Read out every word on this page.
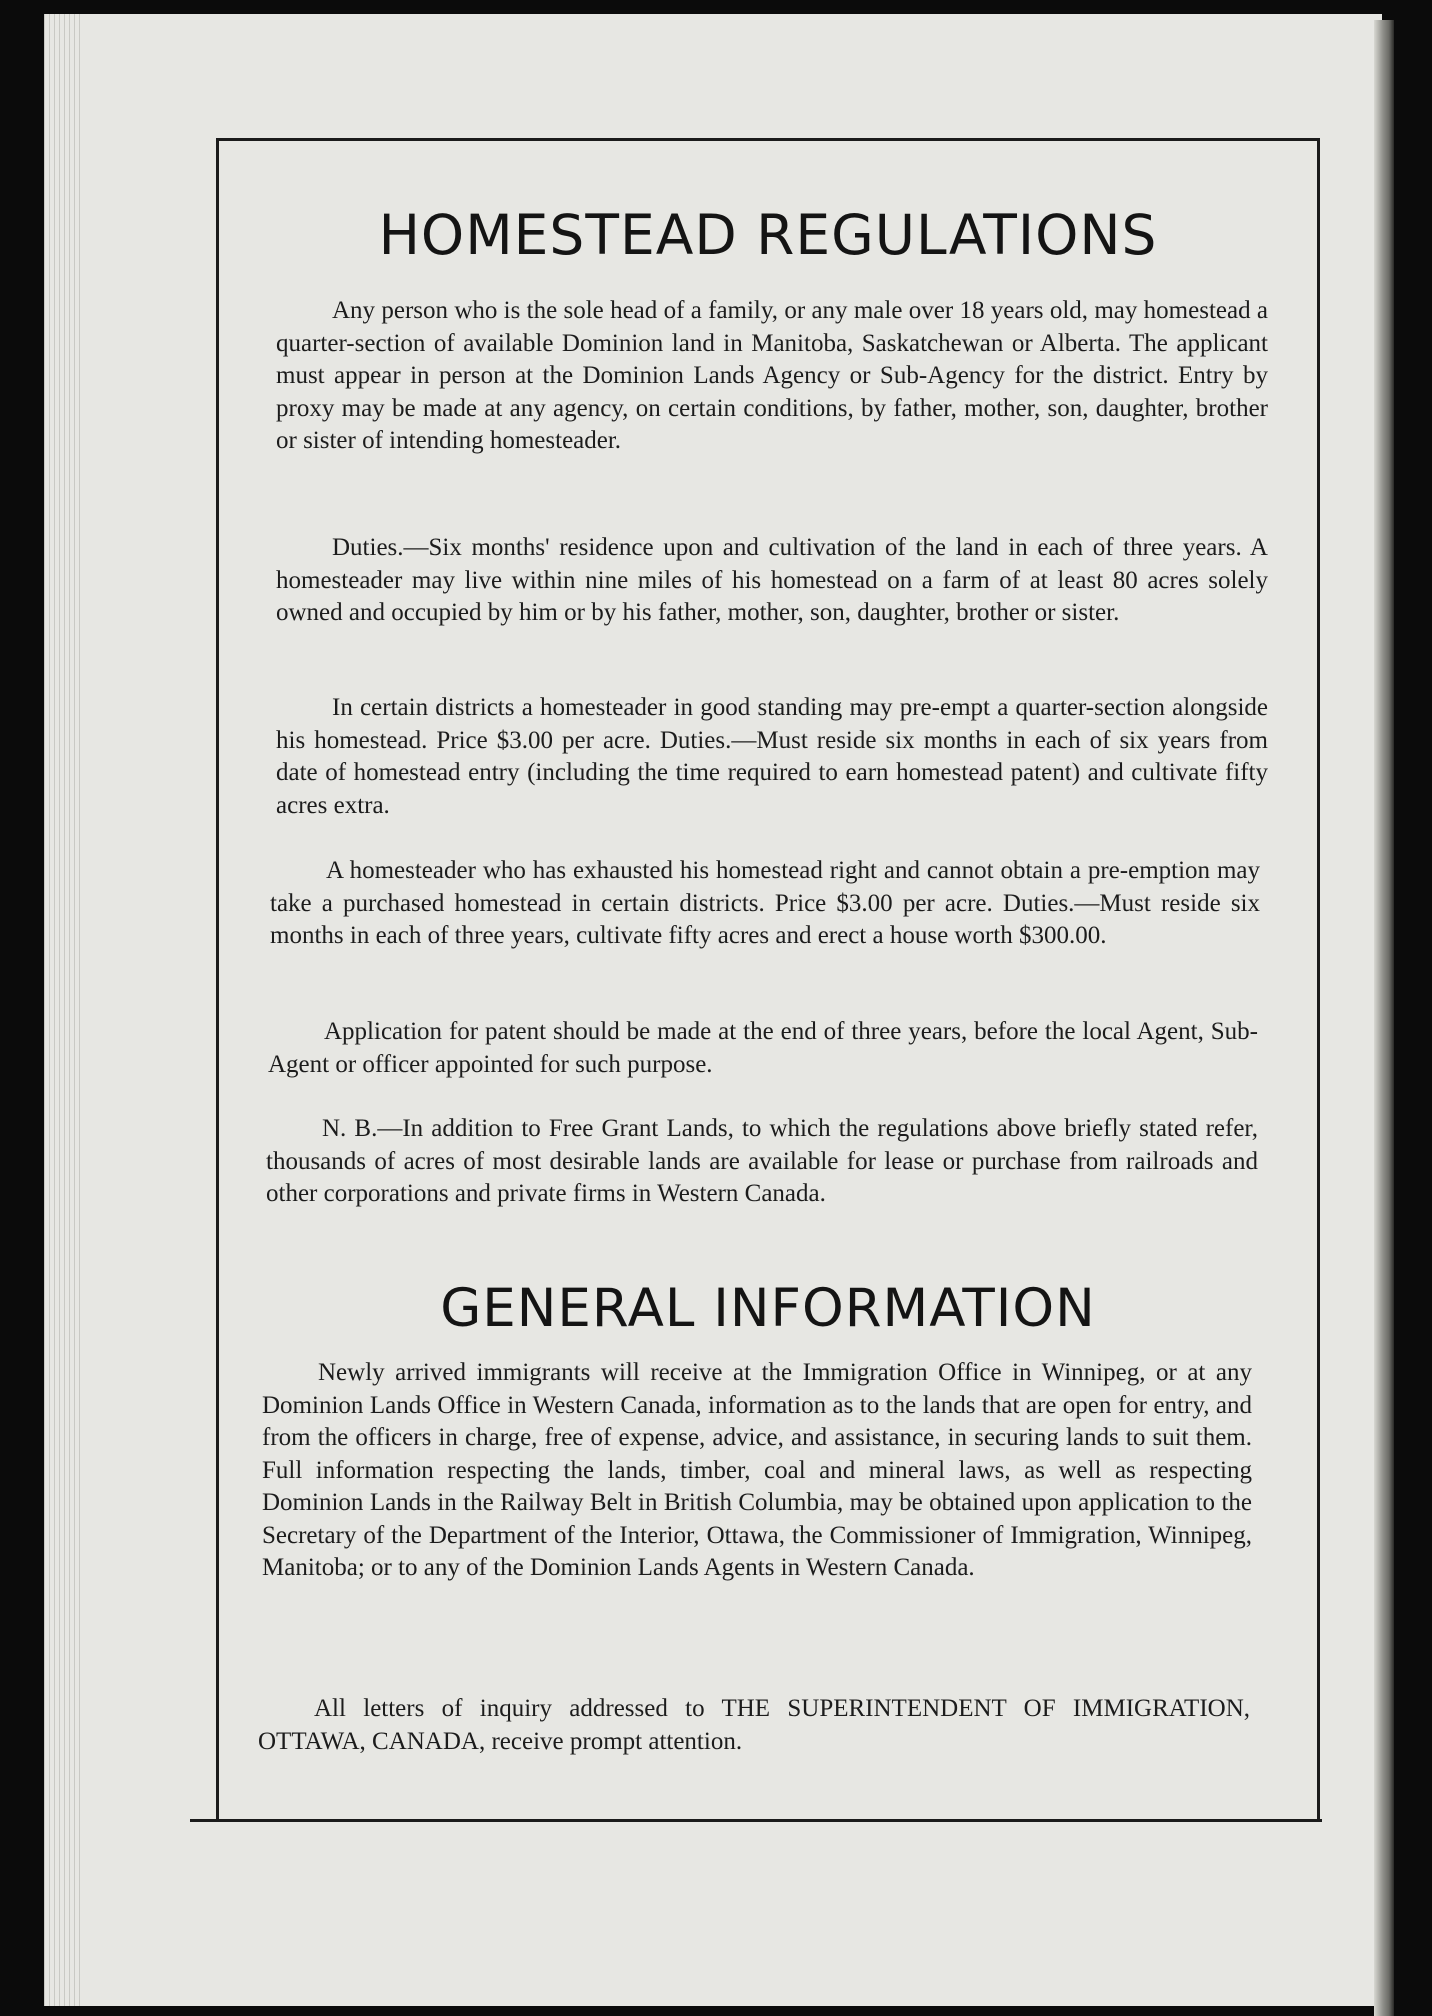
HOMESTEAD REGULATIONS

Any person who is the sole head of a family, or any male over 18 years old, may homestead a quarter-section of available Dominion land in Manitoba, Saskatchewan or Alberta. The applicant must appear in person at the Dominion Lands Agency or Sub-Agency for the district. Entry by proxy may be made at any agency, on certain conditions, by father, mother, son, daughter, brother or sister of intending homesteader.

Duties.—Six months' residence upon and cultivation of the land in each of three years. A homesteader may live within nine miles of his homestead on a farm of at least 80 acres solely owned and occupied by him or by his father, mother, son, daughter, brother or sister.

In certain districts a homesteader in good standing may pre-empt a quarter-section alongside his homestead. Price $3.00 per acre. Duties.—Must reside six months in each of six years from date of homestead entry (including the time required to earn homestead patent) and cultivate fifty acres extra.

A homesteader who has exhausted his homestead right and cannot obtain a pre-emption may take a purchased homestead in certain districts. Price $3.00 per acre. Duties.—Must reside six months in each of three years, cultivate fifty acres and erect a house worth $300.00.

Application for patent should be made at the end of three years, before the local Agent, Sub-Agent or officer appointed for such purpose.

N. B.—In addition to Free Grant Lands, to which the regulations above briefly stated refer, thousands of acres of most desirable lands are available for lease or purchase from railroads and other corporations and private firms in Western Canada.

GENERAL INFORMATION

Newly arrived immigrants will receive at the Immigration Office in Winnipeg, or at any Dominion Lands Office in Western Canada, information as to the lands that are open for entry, and from the officers in charge, free of expense, advice, and assistance, in securing lands to suit them. Full information respecting the lands, timber, coal and mineral laws, as well as respecting Dominion Lands in the Railway Belt in British Columbia, may be obtained upon application to the Secretary of the Department of the Interior, Ottawa, the Commissioner of Immigration, Winnipeg, Manitoba; or to any of the Dominion Lands Agents in Western Canada.

All letters of inquiry addressed to THE SUPERINTENDENT OF IMMIGRATION, OTTAWA, CANADA, receive prompt attention.
